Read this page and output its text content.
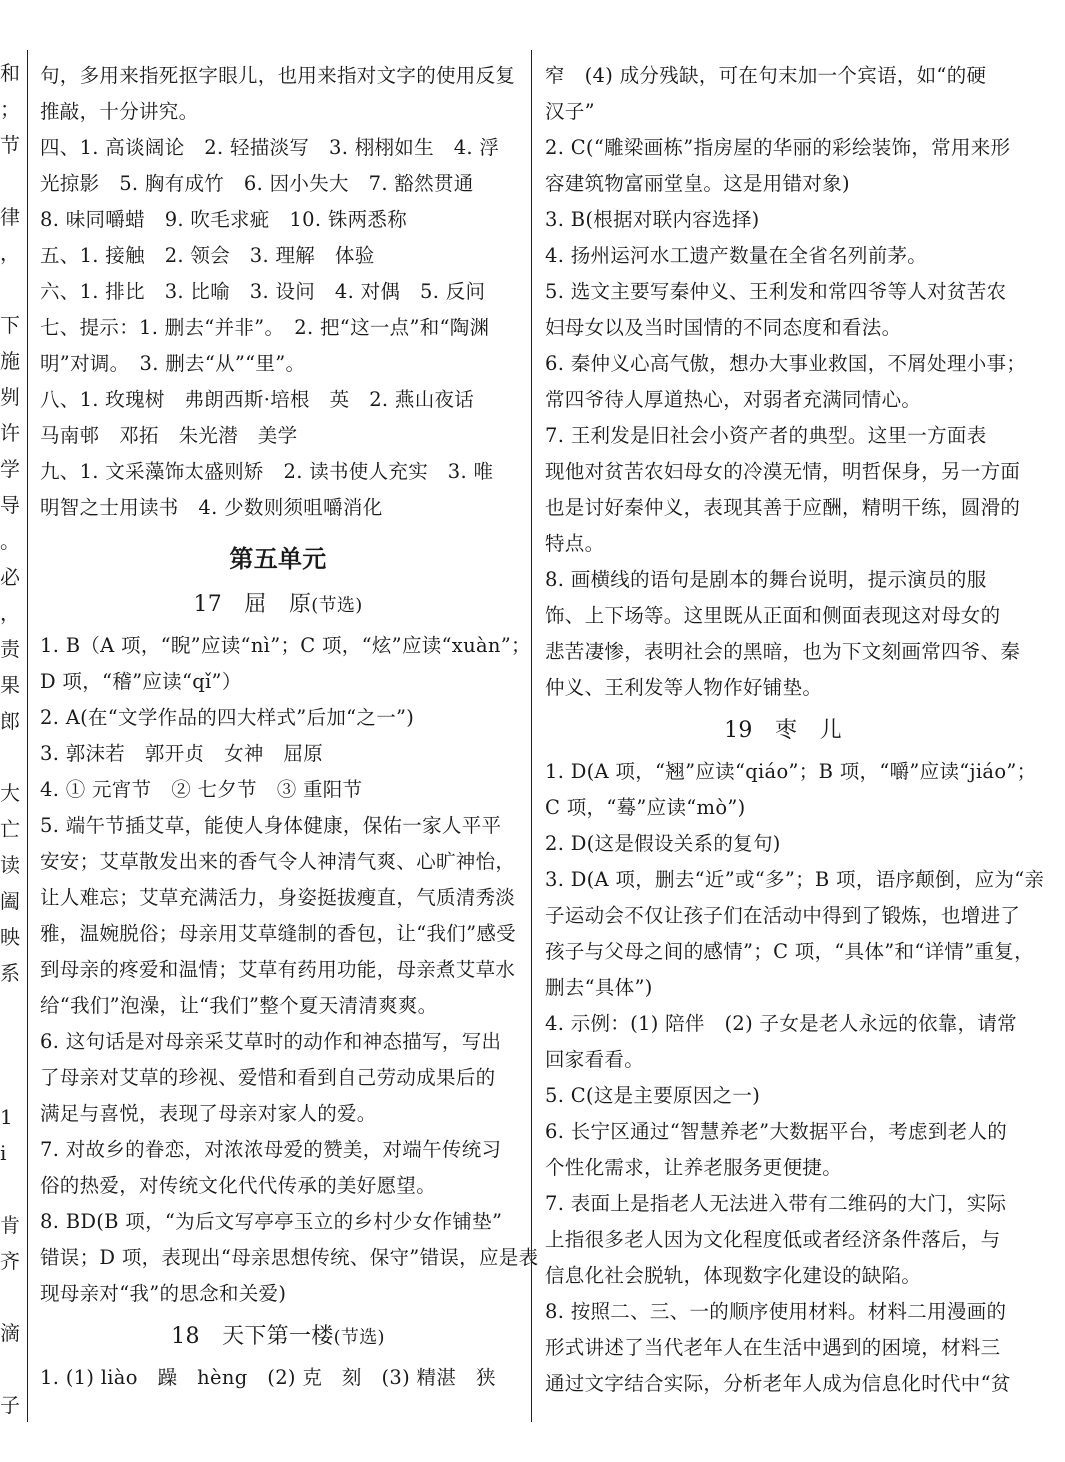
和
；
节
律
，
下
施
刿
许
学
导
。
必
，
责
果
郎
大
亡
读
阖
映
系
1
i
肯
齐
滴
子
句，多用来指死抠字眼儿，也用来指对文字的使用反复
推敲，十分讲究。
四、1. 高谈阔论　2. 轻描淡写　3. 栩栩如生　4. 浮
光掠影　5. 胸有成竹　6. 因小失大　7. 豁然贯通
8. 味同嚼蜡　9. 吹毛求疵　10. 铢两悉称
五、1. 接触　2. 领会　3. 理解　体验
六、1. 排比　3. 比喻　3. 设问　4. 对偶　5. 反问
七、提示：1. 删去“并非”。　2. 把“这一点”和“陶渊
明”对调。　3. 删去“从”“里”。
八、1. 玫瑰树　弗朗西斯·培根　英　2. 燕山夜话
马南邨　邓拓　朱光潜　美学
九、1. 文采藻饰太盛则矫　2. 读书使人充实　3. 唯
明智之士用读书　4. 少数则须咀嚼消化
第五单元
17　屈　原(节选)
1. B（A 项，“睨”应读“nì”；C 项，“炫”应读“xuàn”；
D 项，“稽”应读“qǐ”）
2. A(在“文学作品的四大样式”后加“之一”)
3. 郭沫若　郭开贞　女神　屈原
4. ① 元宵节　② 七夕节　③ 重阳节
5. 端午节插艾草，能使人身体健康，保佑一家人平平
安安；艾草散发出来的香气令人神清气爽、心旷神怡，
让人难忘；艾草充满活力，身姿挺拔瘦直，气质清秀淡
雅，温婉脱俗；母亲用艾草缝制的香包，让“我们”感受
到母亲的疼爱和温情；艾草有药用功能，母亲煮艾草水
给“我们”泡澡，让“我们”整个夏天清清爽爽。
6. 这句话是对母亲采艾草时的动作和神态描写，写出
了母亲对艾草的珍视、爱惜和看到自己劳动成果后的
满足与喜悦，表现了母亲对家人的爱。
7. 对故乡的眷恋，对浓浓母爱的赞美，对端午传统习
俗的热爱，对传统文化代代传承的美好愿望。
8. BD(B 项，“为后文写亭亭玉立的乡村少女作铺垫”
错误；D 项，表现出“母亲思想传统、保守”错误，应是表
现母亲对“我”的思念和关爱)
18　天下第一楼(节选)
1. (1) liào　躁　hèng　(2) 克　刻　(3) 精湛　狭
窄　(4) 成分残缺，可在句末加一个宾语，如“的硬
汉子”
2. C(“雕梁画栋”指房屋的华丽的彩绘装饰，常用来形
容建筑物富丽堂皇。这是用错对象)
3. B(根据对联内容选择)
4. 扬州运河水工遗产数量在全省名列前茅。
5. 选文主要写秦仲义、王利发和常四爷等人对贫苦农
妇母女以及当时国情的不同态度和看法。
6. 秦仲义心高气傲，想办大事业救国，不屑处理小事；
常四爷待人厚道热心，对弱者充满同情心。
7. 王利发是旧社会小资产者的典型。这里一方面表
现他对贫苦农妇母女的冷漠无情，明哲保身，另一方面
也是讨好秦仲义，表现其善于应酬，精明干练，圆滑的
特点。
8. 画横线的语句是剧本的舞台说明，提示演员的服
饰、上下场等。这里既从正面和侧面表现这对母女的
悲苦凄惨，表明社会的黑暗，也为下文刻画常四爷、秦
仲义、王利发等人物作好铺垫。
19　枣　儿
1. D(A 项，“翘”应读“qiáo”；B 项，“嚼”应读“jiáo”；
C 项，“蓦”应读“mò”)
2. D(这是假设关系的复句)
3. D(A 项，删去“近”或“多”；B 项，语序颠倒，应为“亲
子运动会不仅让孩子们在活动中得到了锻炼，也增进了
孩子与父母之间的感情”；C 项，“具体”和“详情”重复，
删去“具体”)
4. 示例：(1) 陪伴　(2) 子女是老人永远的依靠，请常
回家看看。
5. C(这是主要原因之一)
6. 长宁区通过“智慧养老”大数据平台，考虑到老人的
个性化需求，让养老服务更便捷。
7. 表面上是指老人无法进入带有二维码的大门，实际
上指很多老人因为文化程度低或者经济条件落后，与
信息化社会脱轨，体现数字化建设的缺陷。
8. 按照二、三、一的顺序使用材料。材料二用漫画的
形式讲述了当代老年人在生活中遇到的困境，材料三
通过文字结合实际，分析老年人成为信息化时代中“贫
